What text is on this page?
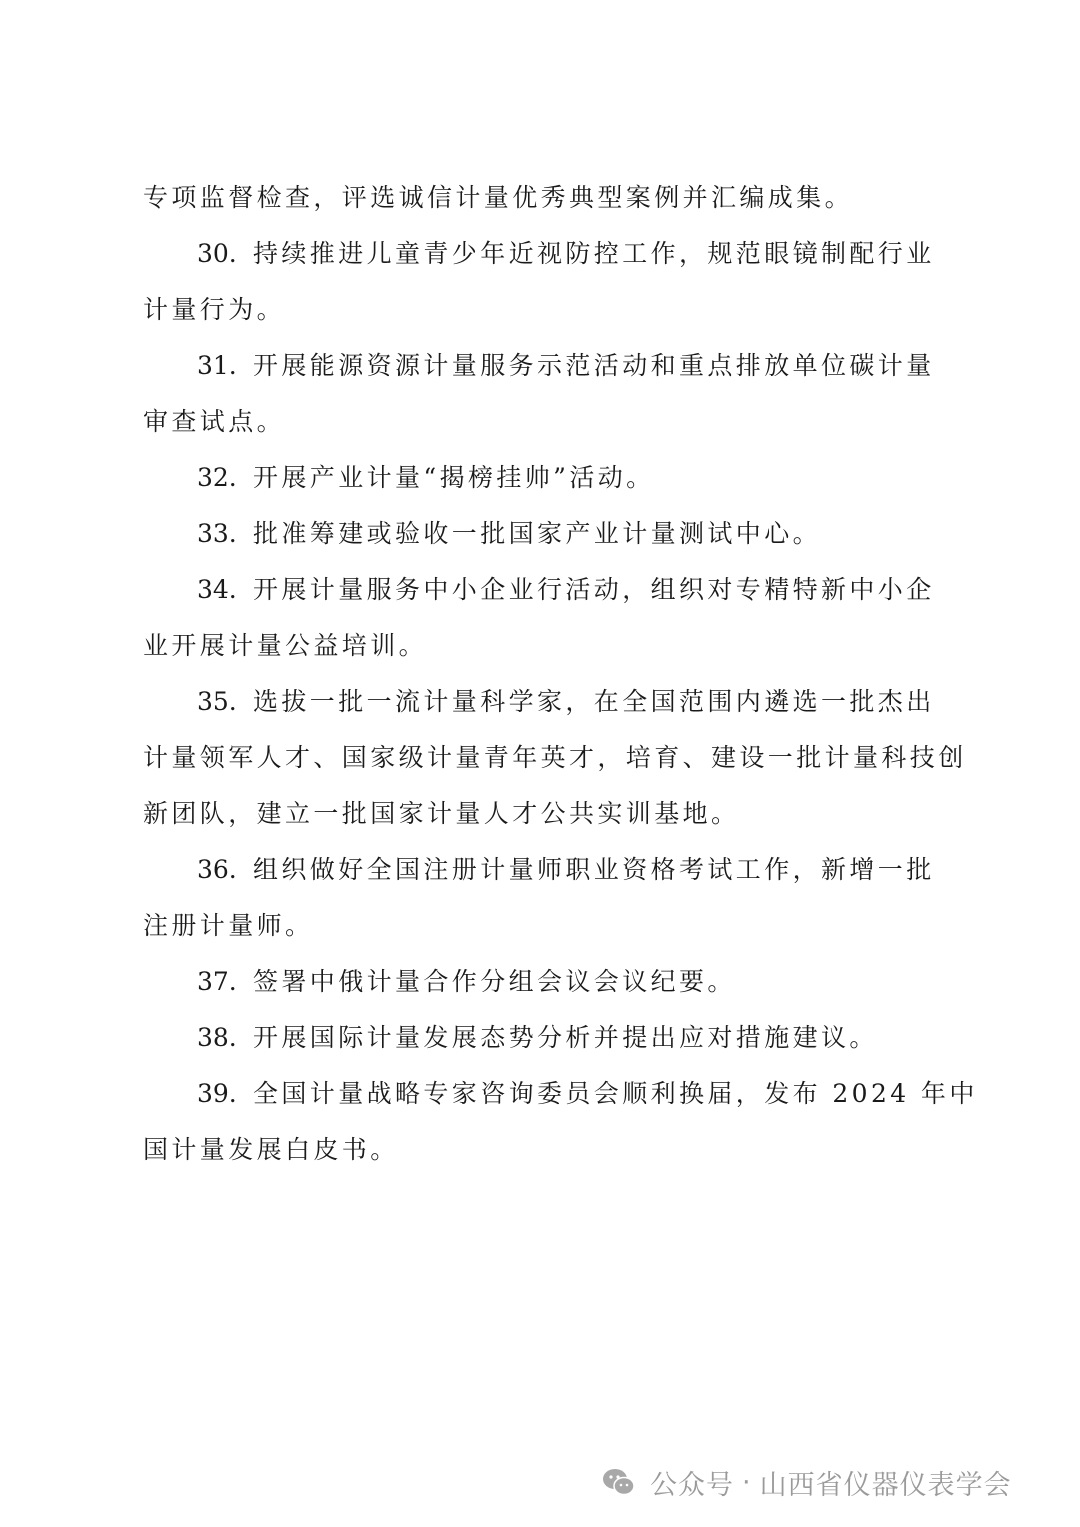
专项监督检查，评选诚信计量优秀典型案例并汇编成集。
30. 持续推进儿童青少年近视防控工作，规范眼镜制配行业
计量行为。
31. 开展能源资源计量服务示范活动和重点排放单位碳计量
审查试点。
32. 开展产业计量“揭榜挂帅”活动。
33. 批准筹建或验收一批国家产业计量测试中心。
34. 开展计量服务中小企业行活动，组织对专精特新中小企
业开展计量公益培训。
35. 选拔一批一流计量科学家，在全国范围内遴选一批杰出
计量领军人才、国家级计量青年英才，培育、建设一批计量科技创
新团队，建立一批国家计量人才公共实训基地。
36. 组织做好全国注册计量师职业资格考试工作，新增一批
注册计量师。
37. 签署中俄计量合作分组会议会议纪要。
38. 开展国际计量发展态势分析并提出应对措施建议。
39. 全国计量战略专家咨询委员会顺利换届，发布 2024 年中
国计量发展白皮书。
公众号 · 山西省仪器仪表学会
